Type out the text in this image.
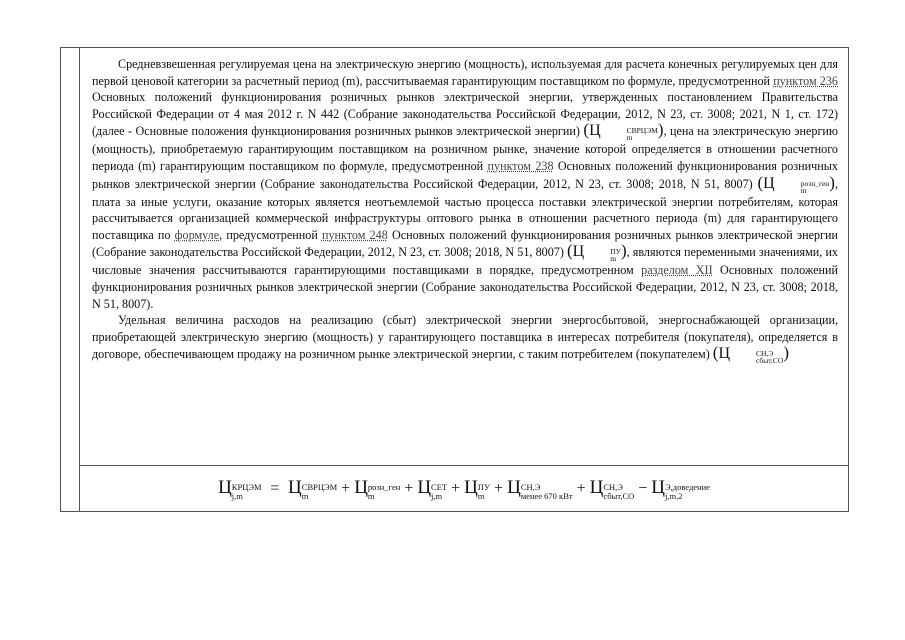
Средневзвешенная регулируемая цена на электрическую энергию (мощность), используемая для расчета конечных регулируемых цен для первой ценовой категории за расчетный период (m), рассчитываемая гарантирующим поставщиком по формуле, предусмотренной пунктом 236 Основных положений функционирования розничных рынков электрической энергии, утвержденных постановлением Правительства Российской Федерации от 4 мая 2012 г. N 442 (Собрание законодательства Российской Федерации, 2012, N 23, ст. 3008; 2021, N 1, ст. 172) (далее - Основные положения функционирования розничных рынков электрической энергии) (Ц	СВРЦЭМ
m	), цена на электрическую энергию (мощность), приобретаемую гарантирующим поставщиком на розничном рынке, значение которой определяется в отношении расчетного периода (m) гарантирующим поставщиком по формуле, предусмотренной пунктом 238 Основных положений функционирования розничных рынков электрической энергии (Собрание законодательства Российской Федерации, 2012, N 23, ст. 3008; 2018, N 51, 8007) (Ц	розн_ген
m	), плата за иные услуги, оказание которых является неотъемлемой частью процесса поставки электрической энергии потребителям, которая рассчитывается организацией коммерческой инфраструктуры оптового рынка в отношении расчетного периода (m) для гарантирующего поставщика по формуле, предусмотренной пунктом 248 Основных положений функционирования розничных рынков электрической энергии (Собрание законодательства Российской Федерации, 2012, N 23, ст. 3008; 2018, N 51, 8007) (Ц	ПУ
m ), являются переменными значениями, их числовые значения рассчитываются гарантирующими поставщиками в порядке, предусмотренном разделом XII Основных положений функционирования розничных рынков электрической энергии (Собрание законодательства Российской Федерации, 2012, N 23, ст. 3008; 2018, N 51, 8007).

Удельная величина расходов на реализацию (сбыт) электрической энергии энергосбытовой, энергоснабжающей организации, приобретающей электрическую энергию (мощность) у гарантирующего поставщика в интересах потребителя (покупателя), определяется в договоре, обеспечивающем продажу на розничном рынке электрической энергии, с таким потребителем (покупателем) (Ц	СН,Э
сбыт,СО )

Ц КРЦЭМ
j,m	= Ц СВРЦЭМ
m	+ Ц розн_ген
m	+ Ц СЕТ
j,m + Ц ПУ
m + Ц СН,Э
менее 670 кВт + Ц СН,Э
сбыт,СО − Ц Э,доведение
j,m,2
